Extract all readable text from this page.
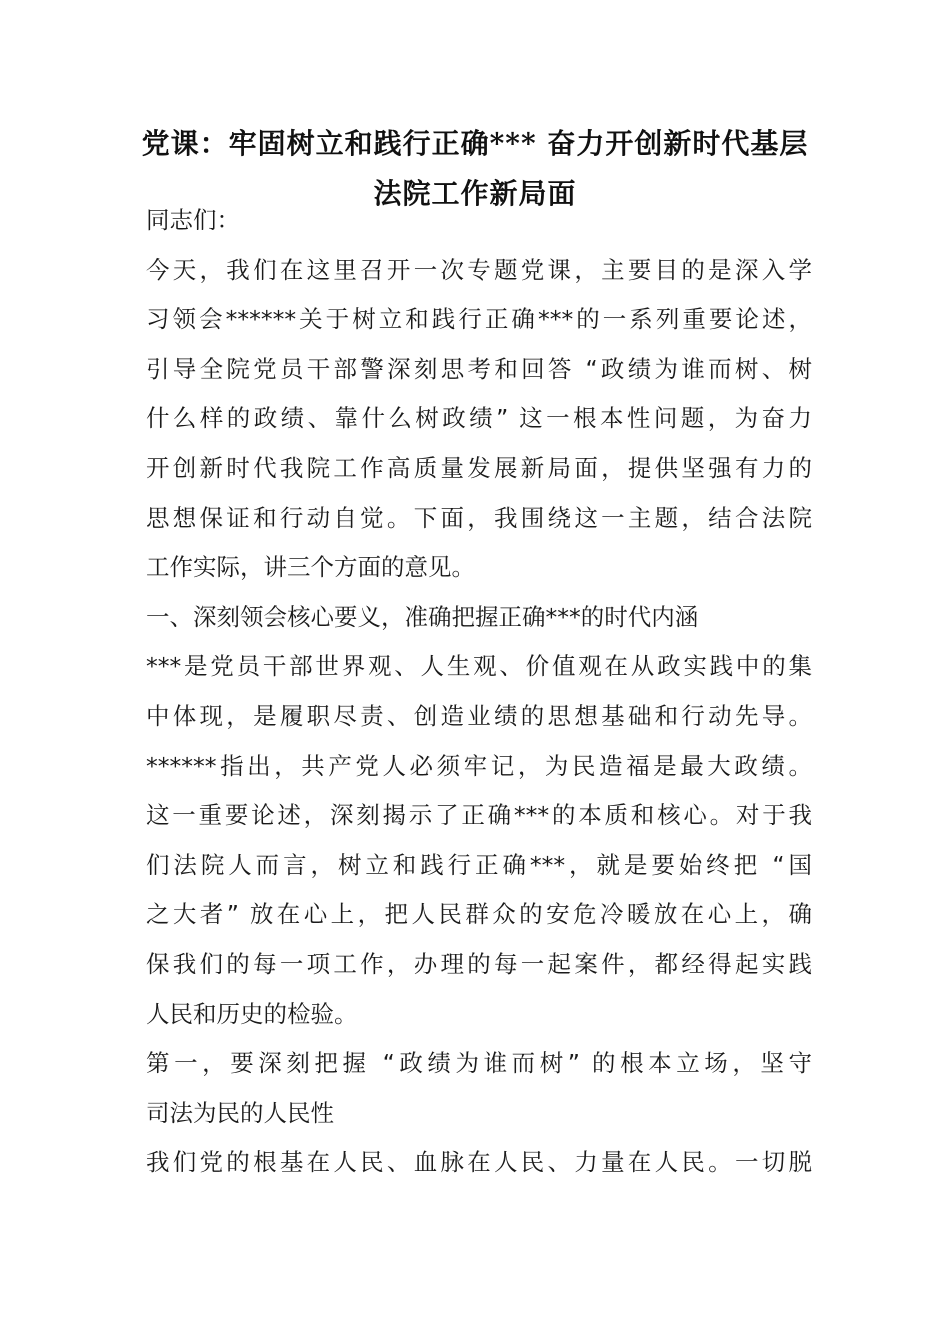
党课：牢固树立和践行正确*** 奋力开创新时代基层
法院工作新局面
同志们：
今天，我们在这里召开一次专题党课，主要目的是深入学
习领会******关于树立和践行正确***的一系列重要论述，
引导全院党员干部警深刻思考和回答 “政绩为谁而树、树
什么样的政绩、靠什么树政绩” 这一根本性问题，为奋力
开创新时代我院工作高质量发展新局面，提供坚强有力的
思想保证和行动自觉。下面，我围绕这一主题，结合法院
工作实际，讲三个方面的意见。
一、深刻领会核心要义，准确把握正确***的时代内涵
***是党员干部世界观、人生观、价值观在从政实践中的集
中体现，是履职尽责、创造业绩的思想基础和行动先导。
******指出，共产党人必须牢记，为民造福是最大政绩。
这一重要论述，深刻揭示了正确***的本质和核心。对于我
们法院人而言，树立和践行正确***，就是要始终把 “国
之大者” 放在心上，把人民群众的安危冷暖放在心上，确
保我们的每一项工作，办理的每一起案件，都经得起实践
人民和历史的检验。
第一，要深刻把握 “政绩为谁而树” 的根本立场，坚守
司法为民的人民性
我们党的根基在人民、血脉在人民、力量在人民。一切脱
